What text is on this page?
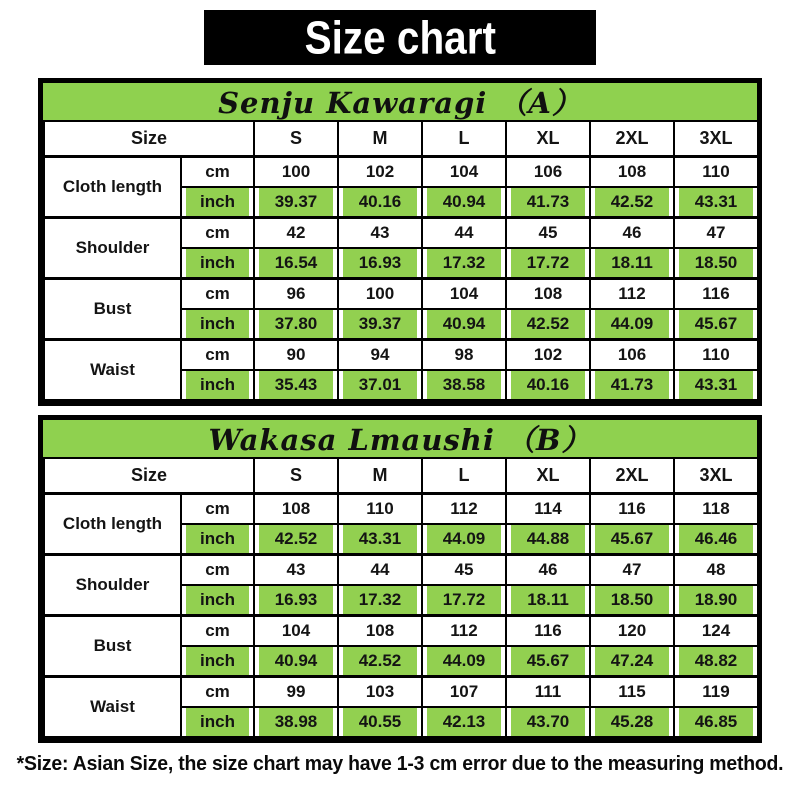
Size chart
Senju Kawaragi （A）
Size		S	M	L	XL	2XL	3XL
Cloth length	cm	100	102	104	106	108	110
	inch	39.37	40.16	40.94	41.73	42.52	43.31
Shoulder	cm	42	43	44	45	46	47
	inch	16.54	16.93	17.32	17.72	18.11	18.50
Bust	cm	96	100	104	108	112	116
	inch	37.80	39.37	40.94	42.52	44.09	45.67
Waist	cm	90	94	98	102	106	110
	inch	35.43	37.01	38.58	40.16	41.73	43.31
Wakasa Lmaushi （B）
Size		S	M	L	XL	2XL	3XL
Cloth length	cm	108	110	112	114	116	118
	inch	42.52	43.31	44.09	44.88	45.67	46.46
Shoulder	cm	43	44	45	46	47	48
	inch	16.93	17.32	17.72	18.11	18.50	18.90
Bust	cm	104	108	112	116	120	124
	inch	40.94	42.52	44.09	45.67	47.24	48.82
Waist	cm	99	103	107	111	115	119
	inch	38.98	40.55	42.13	43.70	45.28	46.85
*Size: Asian Size, the size chart may have 1-3 cm error due to the measuring method.
